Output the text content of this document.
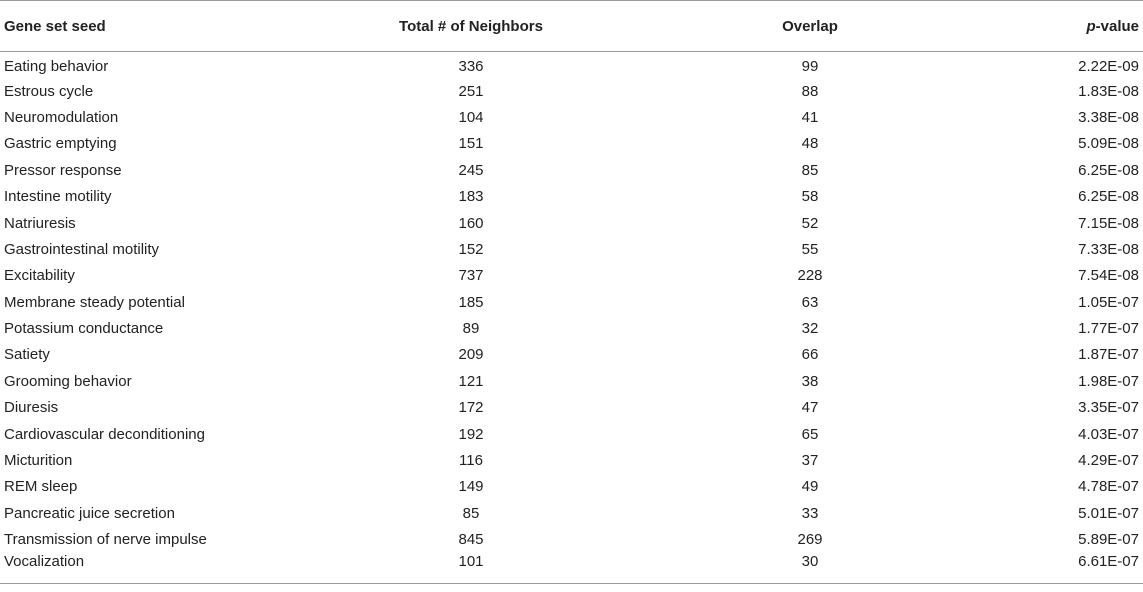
Gene set seed	Total # of Neighbors	Overlap	p-value
Eating behavior	336	99	2.22E-09
Estrous cycle	251	88	1.83E-08
Neuromodulation	104	41	3.38E-08
Gastric emptying	151	48	5.09E-08
Pressor response	245	85	6.25E-08
Intestine motility	183	58	6.25E-08
Natriuresis	160	52	7.15E-08
Gastrointestinal motility	152	55	7.33E-08
Excitability	737	228	7.54E-08
Membrane steady potential	185	63	1.05E-07
Potassium conductance	89	32	1.77E-07
Satiety	209	66	1.87E-07
Grooming behavior	121	38	1.98E-07
Diuresis	172	47	3.35E-07
Cardiovascular deconditioning	192	65	4.03E-07
Micturition	116	37	4.29E-07
REM sleep	149	49	4.78E-07
Pancreatic juice secretion	85	33	5.01E-07
Transmission of nerve impulse	845	269	5.89E-07
Vocalization	101	30	6.61E-07
